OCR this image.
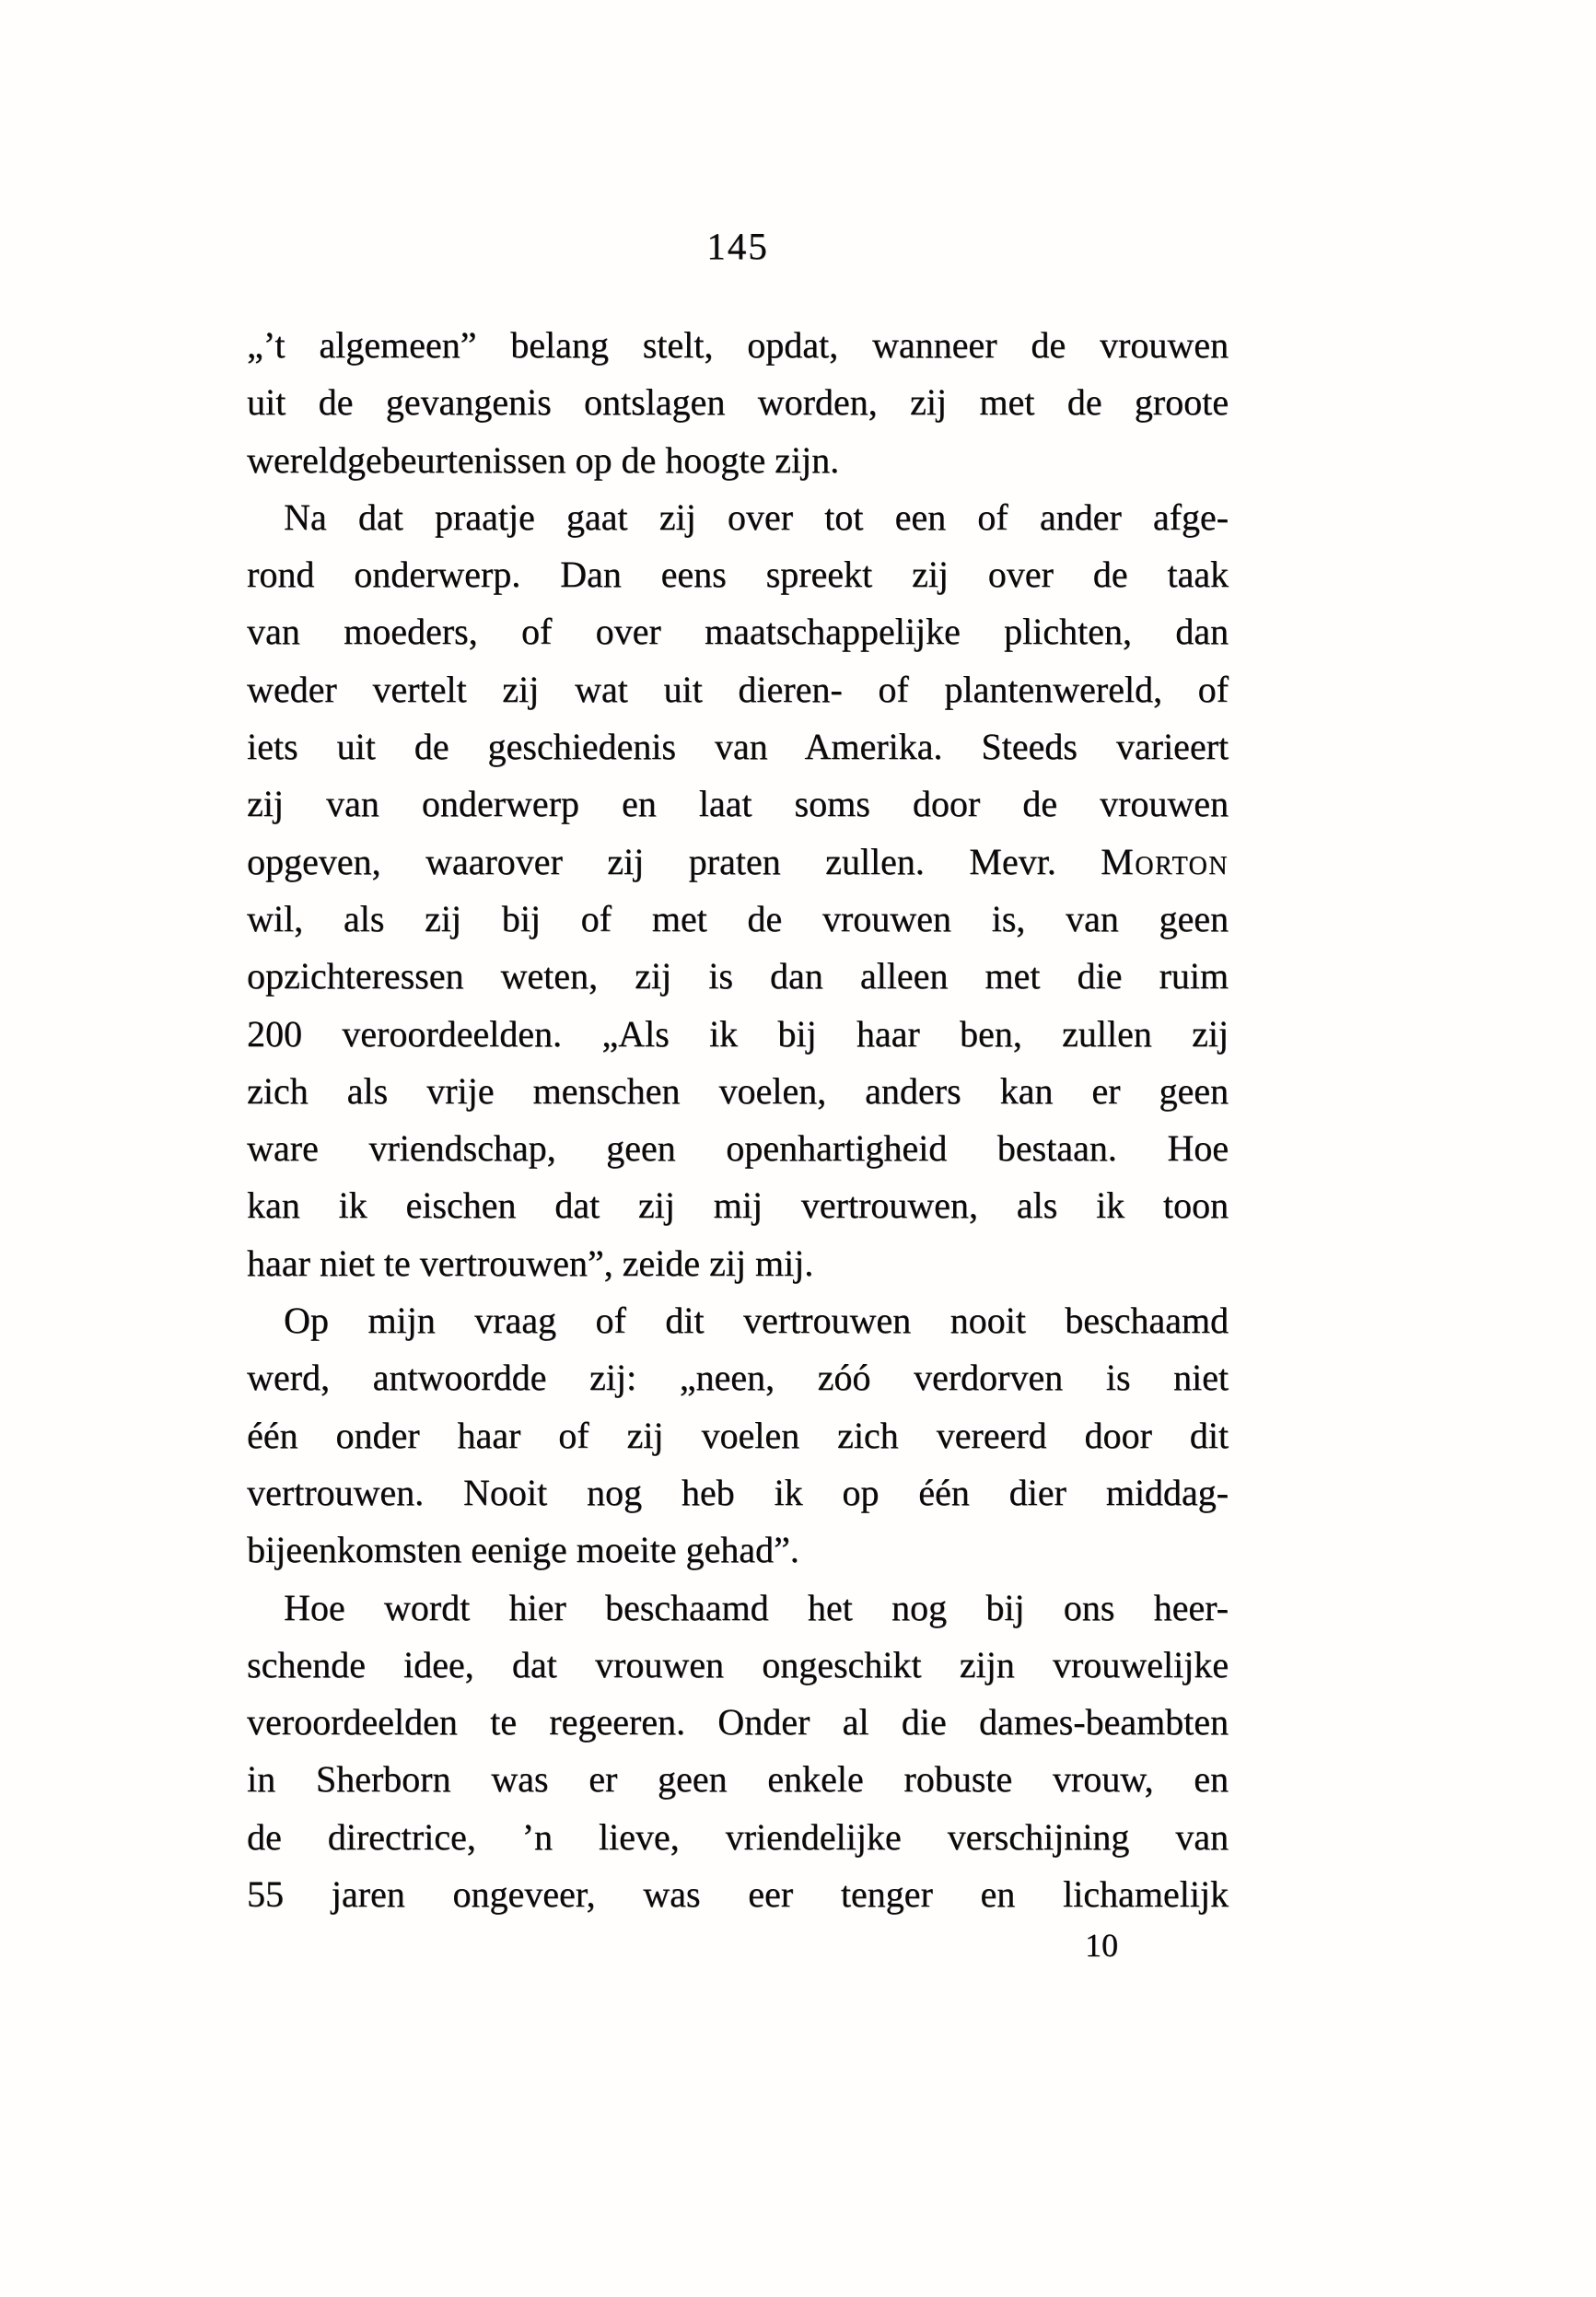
145
„’t algemeen” belang stelt, opdat, wanneer de vrouwen
uit de gevangenis ontslagen worden, zij met de groote
wereldgebeurtenissen op de hoogte zijn.
Na dat praatje gaat zij over tot een of ander afge-
rond onderwerp. Dan eens spreekt zij over de taak
van moeders, of over maatschappelijke plichten, dan
weder vertelt zij wat uit dieren- of plantenwereld, of
iets uit de geschiedenis van Amerika. Steeds varieert
zij van onderwerp en laat soms door de vrouwen
opgeven, waarover zij praten zullen. Mevr. Morton
wil, als zij bij of met de vrouwen is, van geen
opzichteressen weten, zij is dan alleen met die ruim
200 veroordeelden. „Als ik bij haar ben, zullen zij
zich als vrije menschen voelen, anders kan er geen
ware vriendschap, geen openhartigheid bestaan. Hoe
kan ik eischen dat zij mij vertrouwen, als ik toon
haar niet te vertrouwen”, zeide zij mij.
Op mijn vraag of dit vertrouwen nooit beschaamd
werd, antwoordde zij: „neen, zóó verdorven is niet
één onder haar of zij voelen zich vereerd door dit
vertrouwen. Nooit nog heb ik op één dier middag-
bijeenkomsten eenige moeite gehad”.
Hoe wordt hier beschaamd het nog bij ons heer-
schende idee, dat vrouwen ongeschikt zijn vrouwelijke
veroordeelden te regeeren. Onder al die dames-beambten
in Sherborn was er geen enkele robuste vrouw, en
de directrice, ’n lieve, vriendelijke verschijning van
55 jaren ongeveer, was eer tenger en lichamelijk
10
